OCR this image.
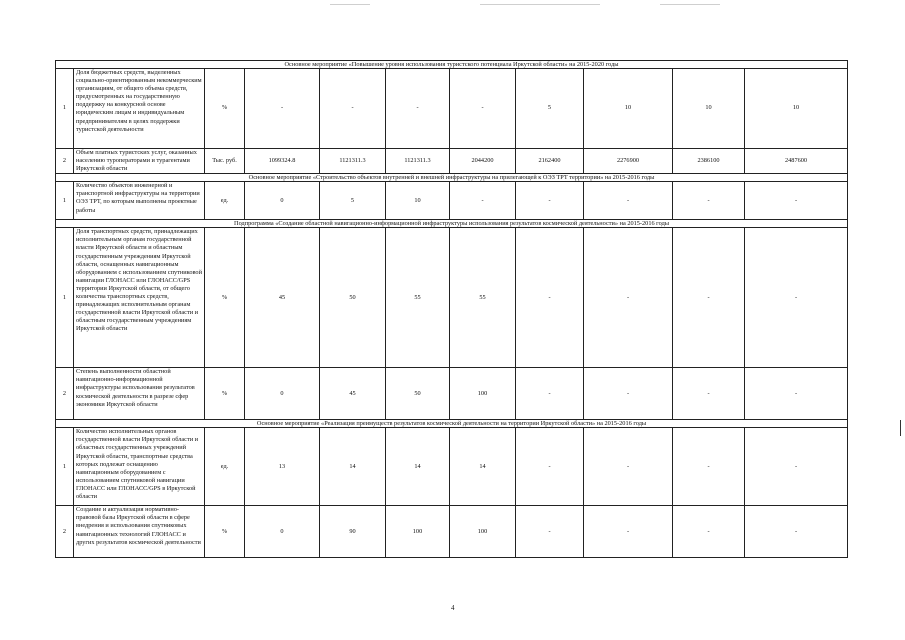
Основное мероприятие «Повышение уровня использования туристского потенциала Иркутской области» на 2015-2020 годы										
1	Доля бюджетных средств, выделенных социально-ориентированным некоммерческим организациям, от общего объема средств, предусмотренных на государственную поддержку на конкурсной основе юридическим лицам и индивидуальным предпринимателям в целях поддержки туристской деятельности	%	-	-	-	-	5	10	10	10
2	Объем платных туристских услуг, оказанных населению туроператорами и турагентами Иркутской области	Тыс. руб.	1099324.8	1121311.3	1121311.3	2044200	2162400	2276900	2386100	2487600
Основное мероприятие «Строительство объектов внутренней и внешней инфраструктуры на прилегающей к ОЭЗ ТРТ территории» на 2015-2016 годы										
1	Количество объектов инженерной и транспортной инфраструктуры на территории ОЭЗ ТРТ, по которым выполнены проектные работы	ед.	0	5	10	-	-	-	-	-
Подпрограмма «Создание областной навигационно-информационной инфраструктуры использования результатов космической деятельности» на 2015-2016 годы										
1	Доля транспортных средств, принадлежащих исполнительным органам государственной власти Иркутской области и областным государственным учреждениям Иркутской области, оснащенных навигационным оборудованием с использованием спутниковой навигации ГЛОНАСС или ГЛОНАСС/GPS территории Иркутской области, от общего количества транспортных средств, принадлежащих исполнительным органам государственной власти Иркутской области и областным государственным учреждениям Иркутской области	%	45	50	55	55	-	-	-	-
2	Степень выполненности областной навигационно-информационной инфраструктуры использования результатов космической деятельности в разрезе сфер экономики Иркутской области	%	0	45	50	100	-	-	-	-
Основное мероприятие «Реализация преимуществ результатов космической деятельности на территории Иркутской области» на 2015-2016 годы										
1	Количество исполнительных органов государственной власти Иркутской области и областных государственных учреждений Иркутской области, транспортные средства которых подлежат оснащению навигационным оборудованием с использованием спутниковой навигации ГЛОНАСС или ГЛОНАСС/GPS в Иркутской области	ед.	13	14	14	14	-	-	-	-
2	Создание и актуализация нормативно-правовой базы Иркутской области в сфере внедрения и использования спутниковых навигационных технологий ГЛОНАСС и других результатов космической деятельности	%	0	90	100	100	-	-	-	-
4
